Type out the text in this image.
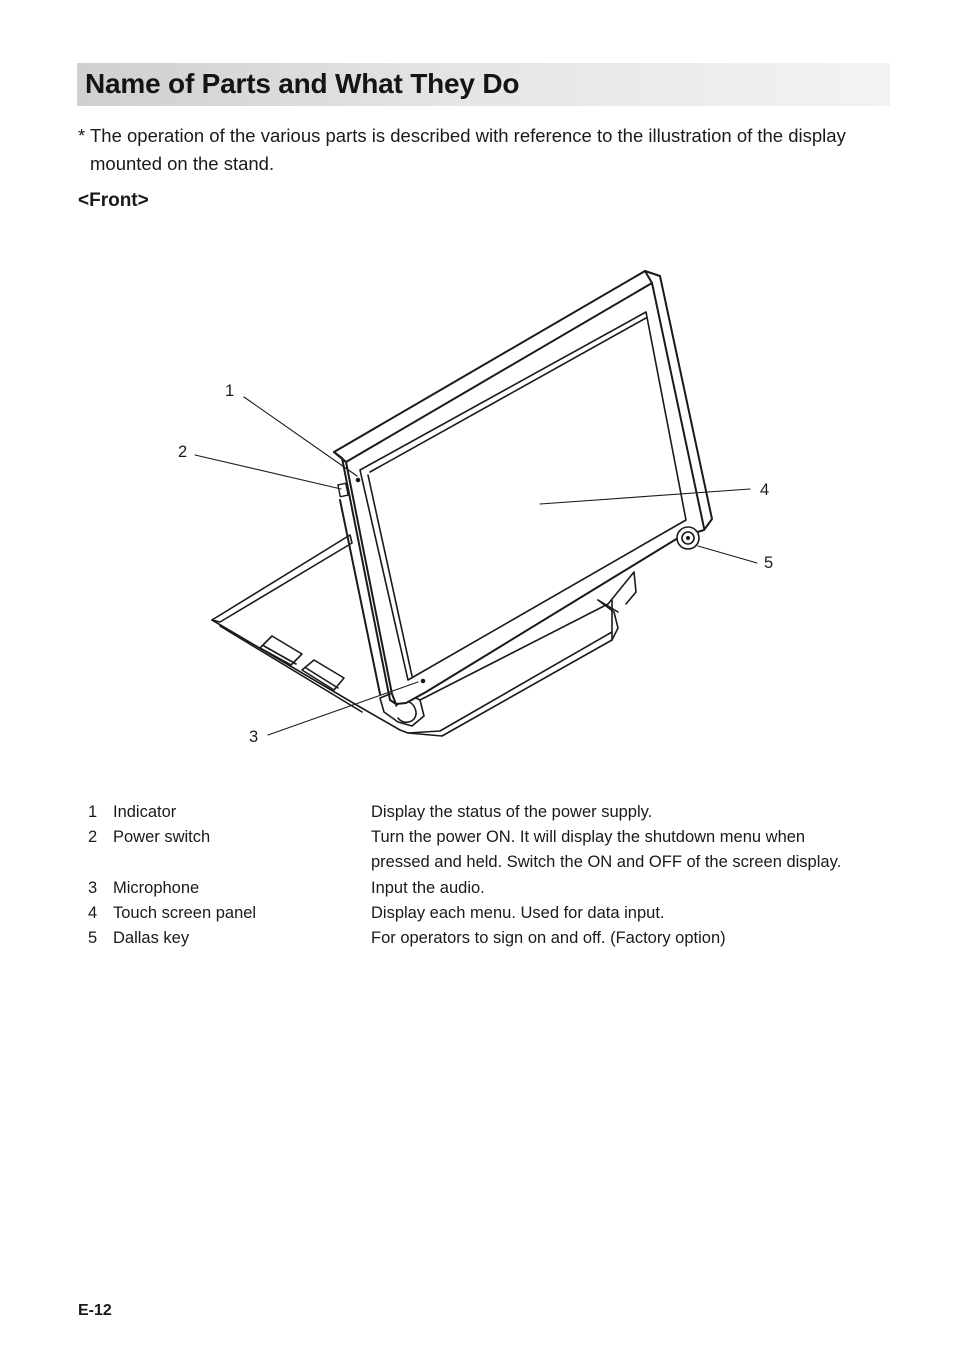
Name of Parts and What They Do
* The operation of the various parts is described with reference to the illustration of the display mounted on the stand.
<Front>
1
2
3
4
5
1 Indicator	Display the status of the power supply.
2 Power switch	Turn the power ON. It will display the shutdown menu when pressed and held. Switch the ON and OFF of the screen display.
3 Microphone	Input the audio.
4 Touch screen panel	Display each menu. Used for data input.
5 Dallas key	For operators to sign on and off. (Factory option)
E-12
